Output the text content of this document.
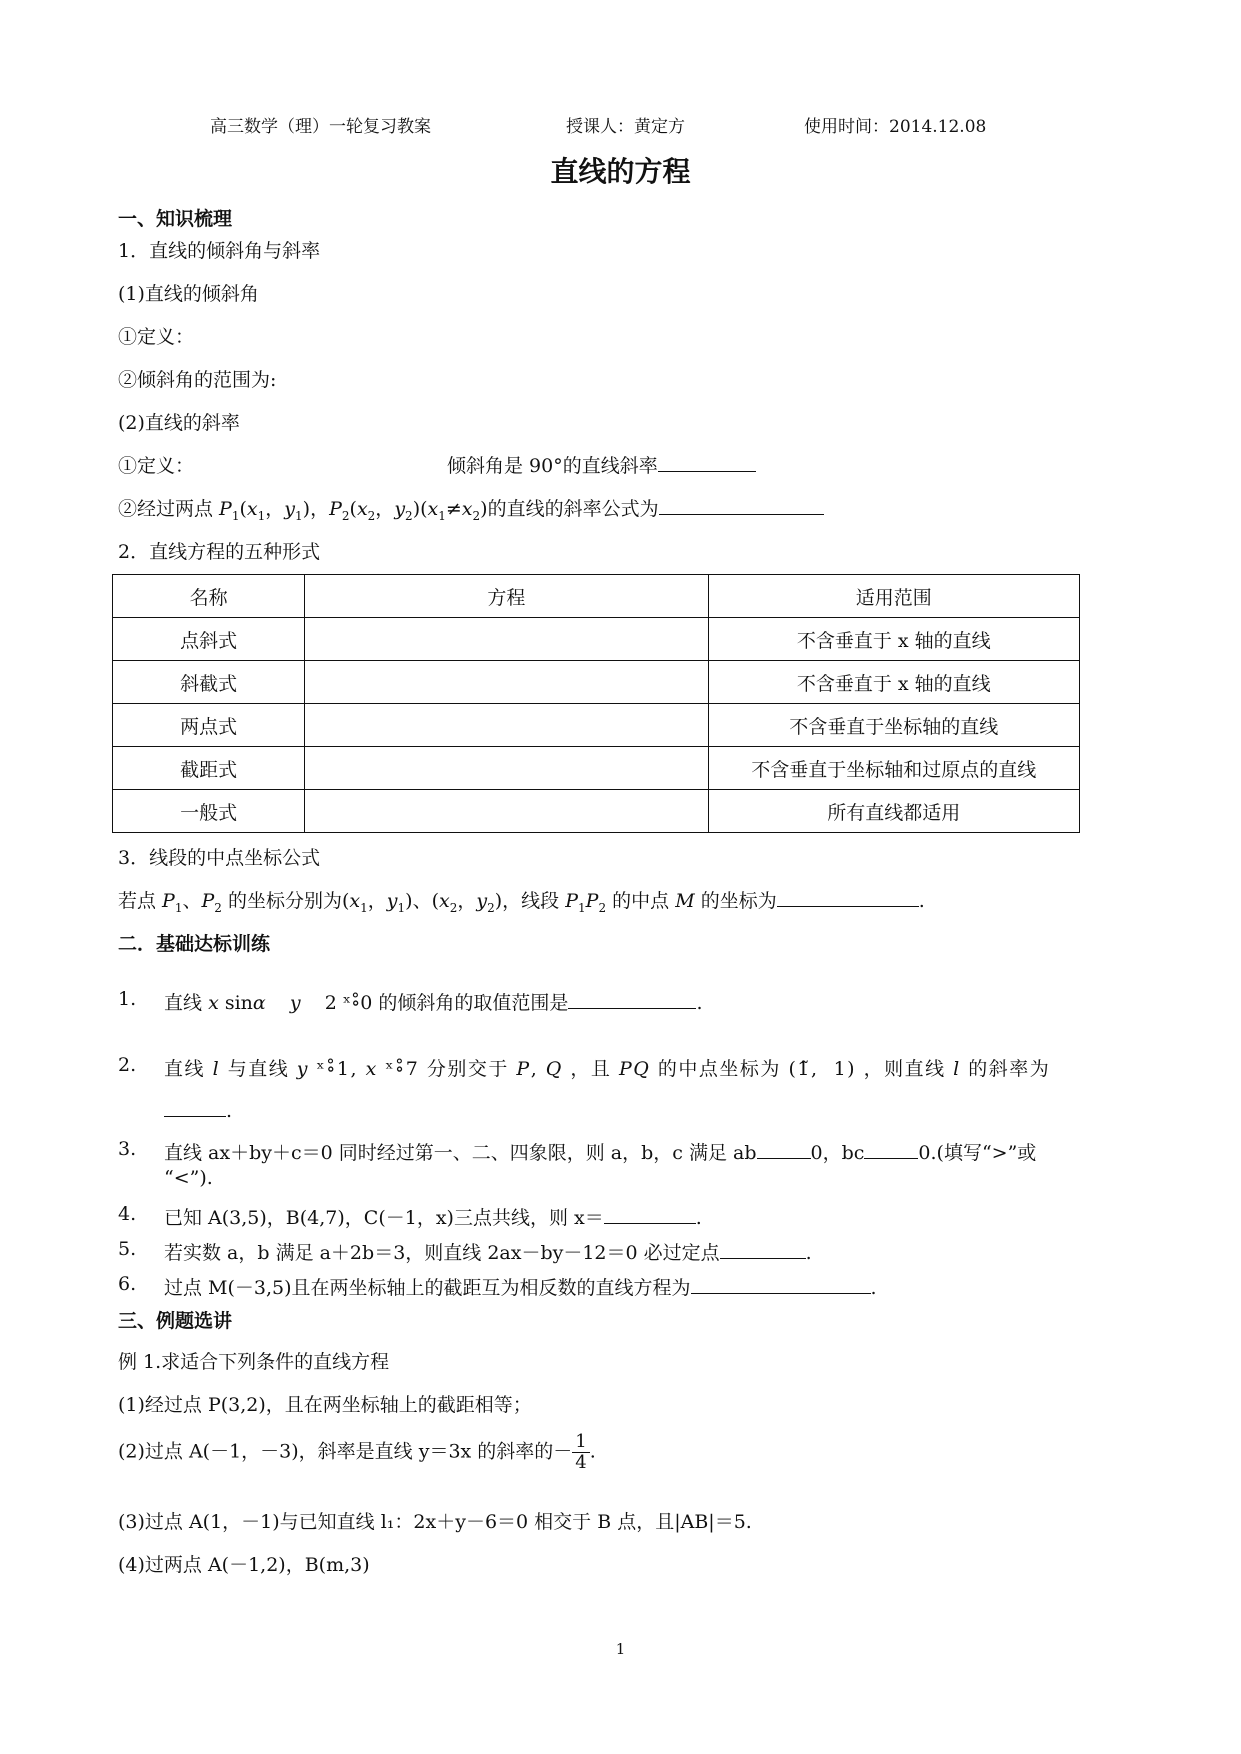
高三数学（理）一轮复习教案	授课人：黄定方	使用时间：2014.12.08
直线的方程
一、知识梳理
1．直线的倾斜角与斜率
(1)直线的倾斜角
①定义：
②倾斜角的范围为:
(2)直线的斜率
①定义：	倾斜角是 90°的直线斜率
②经过两点 $P_1(x_1$，$y_1$)，$P_2(x_2$，$y_2)(x_1\ne x_2)$的直线的斜率公式为
2．直线方程的五种形式
名称	方程	适用范围
点斜式		不含垂直于 x 轴的直线
斜截式		不含垂直于 x 轴的直线
两点式		不含垂直于坐标轴的直线
截距式		不含垂直于坐标轴和过原点的直线
一般式		所有直线都适用
3．线段的中点坐标公式
若点 $P_1$、$P_2$ 的坐标分别为($x_1$，$y_1$)、($x_2$，$y_2$)，线段 $P_1P_2$ 的中点 M 的坐标为	.
二．基础达标训练
1. 直线 x sinα y    2 ˣ∘̊0 的倾斜角的取值范围是	.
2. 直线 l 与直线 y ˣ∘̊1, x ˣ∘̊7 分别交于 P, Q ，且 PQ 的中点坐标为 (1̃,  1) ，则直线 l 的斜率为
.
3. 直线 ax＋by＋c＝0 同时经过第一、二、四象限，则 a，b，c 满足 ab	0，bc	0.(填写“>”或
“<”).
4. 已知 A(3,5)，B(4,7)，C(－1，x)三点共线，则 x＝	.
5. 若实数 a，b 满足 a＋2b＝3，则直线 2ax－by－12＝0 必过定点	.
6. 过点 M(－3,5)且在两坐标轴上的截距互为相反数的直线方程为	.
三、例题选讲
例 1.求适合下列条件的直线方程
(1)经过点 P(3,2)，且在两坐标轴上的截距相等；
(2)过点 A(－1，－3)，斜率是直线 y＝3x 的斜率的－ $\frac{1}{4}$ .
(3)过点 A(1，－1)与已知直线 l₁：2x＋y－6＝0 相交于 B 点，且|AB|＝5.
(4)过两点 A(－1,2)，B(m,3)
1
